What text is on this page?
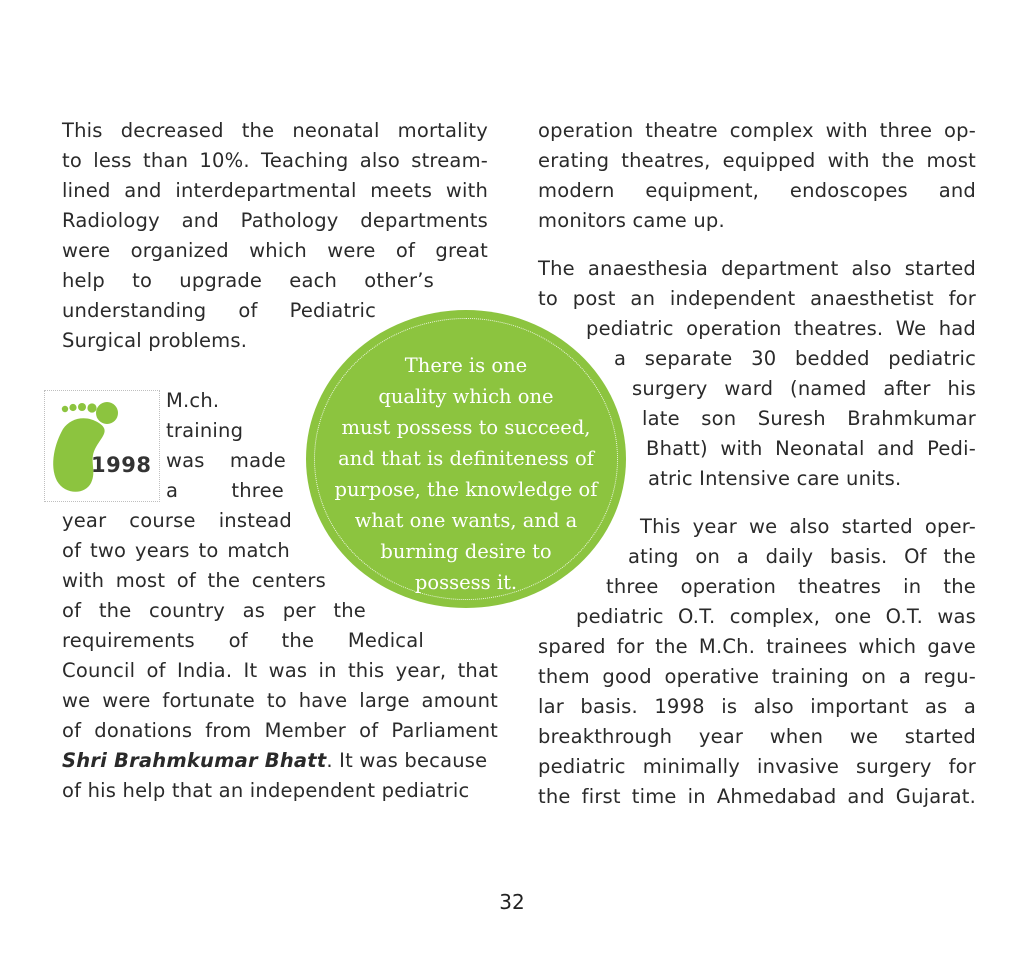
This decreased the neonatal mortality
to less than 10%. Teaching also stream-
lined and interdepartmental meets with
Radiology and Pathology departments
were organized which were of great
help to upgrade each other’s
understanding of Pediatric
Surgical problems.
M.ch.
training
was made
a three
year course instead
of two years to match
with most of the centers
of the country as per the
requirements of the Medical
Council of India. It was in this year, that
we were fortunate to have large amount
of donations from Member of Parliament
Shri Brahmkumar Bhatt. It was because
of his help that an independent pediatric
operation theatre complex with three op-
erating theatres, equipped with the most
modern equipment, endoscopes and
monitors came up.
The anaesthesia department also started
to post an independent anaesthetist for
pediatric operation theatres. We had
a separate 30 bedded pediatric
surgery ward (named after his
late son Suresh Brahmkumar
Bhatt) with Neonatal and Pedi-
atric Intensive care units.
This year we also started oper-
ating on a daily basis. Of the
three operation theatres in the
pediatric O.T. complex, one O.T. was
spared for the M.Ch. trainees which gave
them good operative training on a regu-
lar basis. 1998 is also important as a
breakthrough year when we started
pediatric minimally invasive surgery for
the first time in Ahmedabad and Gujarat.
1998
There is one
quality which one
must possess to succeed,
and that is definiteness of
purpose, the knowledge of
what one wants, and a
burning desire to
possess it.
32
